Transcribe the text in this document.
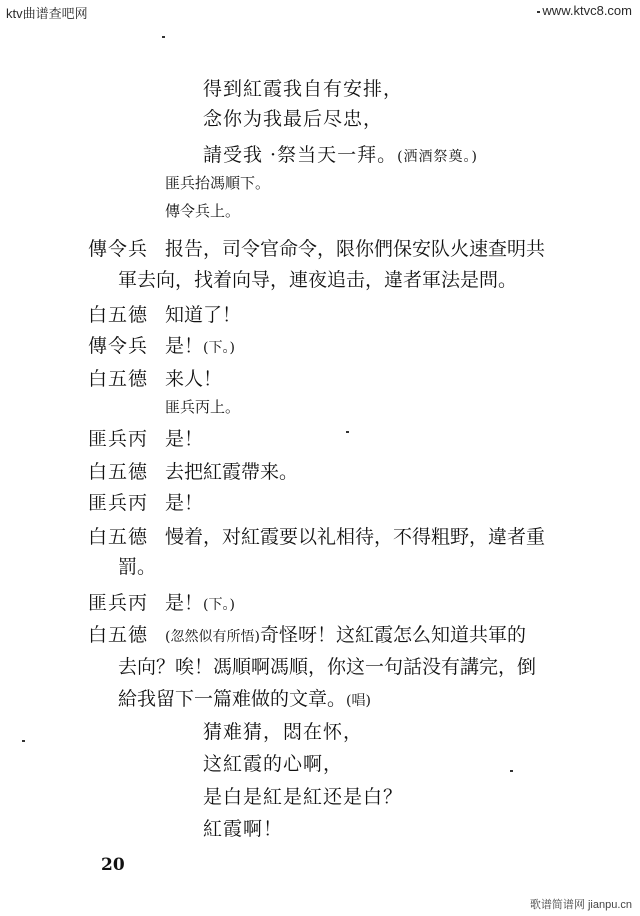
ktv曲谱查吧网	www.ktvc8.com
得到紅霞我自有安排，
念你为我最后尽忠，
請受我 ·祭当天一拜。(洒酒祭奠。)
匪兵抬馮順下。
傳令兵上。
傳令兵 报告，司令官命令，限你們保安队火速查明共
軍去向，找着向导，連夜追击，違者軍法是問。
白五德 知道了！
傳令兵 是！(下。)
白五德 来人！
匪兵丙上。
匪兵丙 是！
白五德 去把紅霞帶来。
匪兵丙 是！
白五德 慢着，对紅霞要以礼相待，不得粗野，違者重
罰。
匪兵丙 是！(下。)
白五德 (忽然似有所悟)奇怪呀！这紅霞怎么知道共軍的
去向？唉！馮順啊馮順，你这一句話没有講完，倒
給我留下一篇难做的文章。(唱)
猜难猜，悶在怀，
这紅霞的心啊，
是白是紅是紅还是白？
紅霞啊！
20
歌谱简谱网 jianpu.cn
